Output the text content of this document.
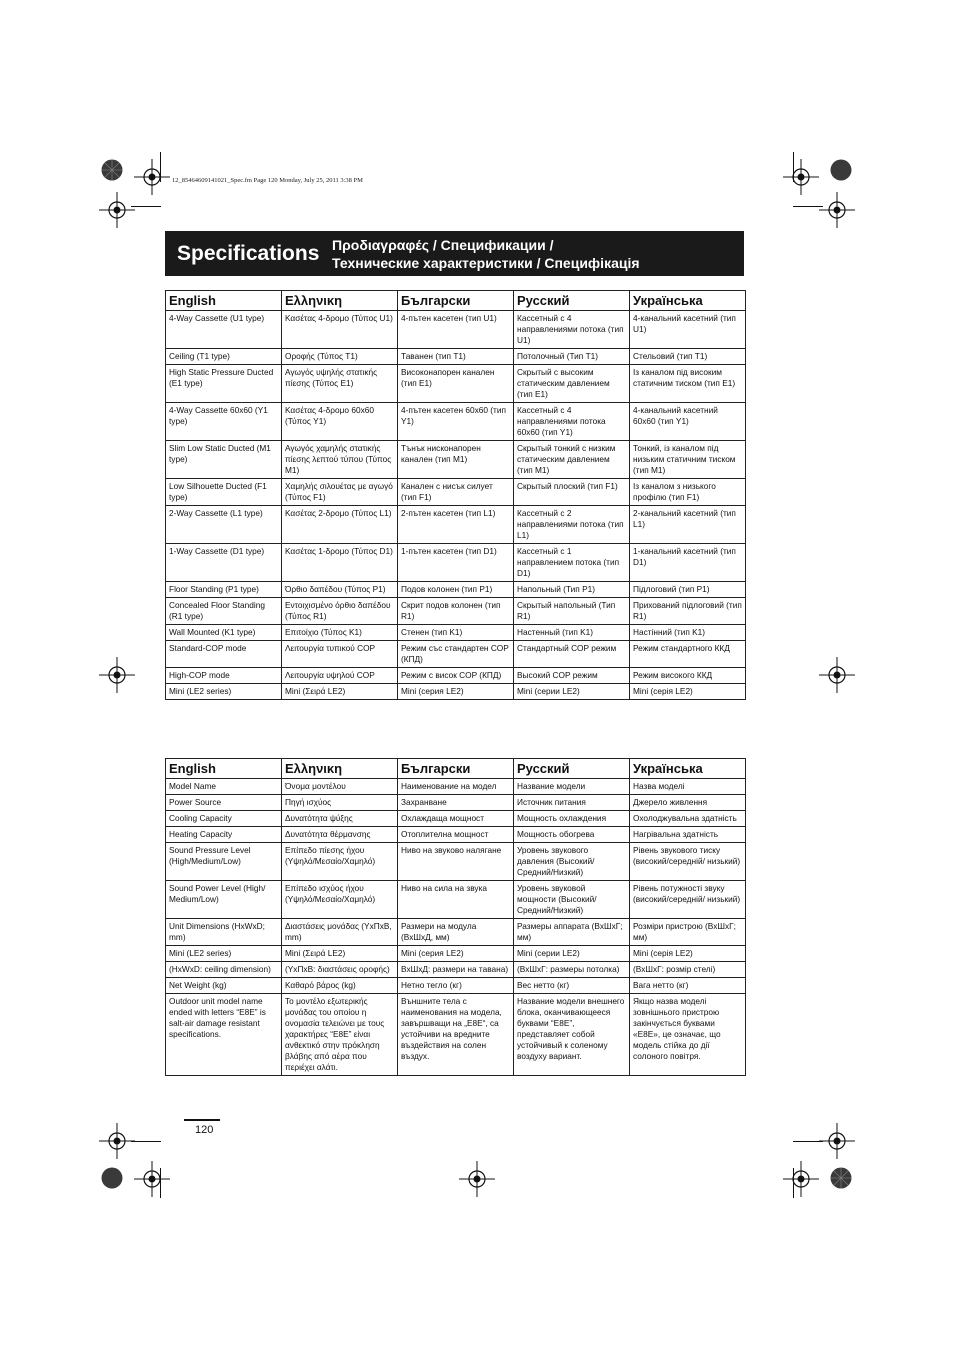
12_85464609141021_Spec.fm Page 120 Monday, July 25, 2011 3:38 PM
Specifications Προδιαγραφές / Спецификации /
Технические характеристики / Специфікація
English	Ελληνικη	Български	Русский	Українська
4-Way Cassette (U1 type)	Κασέτας 4-δρομο (Τύπος U1)	4-пътен касетен (тип U1)	Кассетный с 4 направлениями потока (тип U1)	4-канальний касетний (тип U1)
Ceiling (T1 type)	Οροφής (Τύπος T1)	Таванен (тип T1)	Потолочный (Тип T1)	Стельовий (тип T1)
High Static Pressure Ducted (E1 type)	Αγωγός υψηλής στατικής πίεσης (Τύπος E1)	Високонапорен канален (тип E1)	Скрытый с высоким статическим давлением (тип E1)	Із каналом під високим статичним тиском (тип E1)
4-Way Cassette 60x60 (Y1 type)	Κασέτας 4-δρομο 60x60 (Τύπος Y1)	4-пътен касетен 60x60 (тип Y1)	Кассетный с 4 направлениями потока 60x60 (тип Y1)	4-канальний касетний 60x60 (тип Y1)
Slim Low Static Ducted (M1 type)	Αγωγός χαμηλής στατικής πίεσης λεπτού τύπου (Τύπος M1)	Тънък нисконапорен канален (тип M1)	Скрытый тонкий с низким статическим давлением (тип M1)	Тонкий, із каналом під низьким статичним тиском (тип M1)
Low Silhouette Ducted (F1 type)	Χαμηλής σιλουέτας με αγωγό (Τύπος F1)	Канален с нисък силует (тип F1)	Скрытый плоский (тип F1)	Із каналом з низького профілю (тип F1)
2-Way Cassette (L1 type)	Κασέτας 2-δρομο (Τύπος L1)	2-пътен касетен (тип L1)	Кассетный с 2 направлениями потока (тип L1)	2-канальний касетний (тип L1)
1-Way Cassette (D1 type)	Κασέτας 1-δρομο (Τύπος D1)	1-пътен касетен (тип D1)	Кассетный с 1 направлением потока (тип D1)	1-канальний касетний (тип D1)
Floor Standing (P1 type)	Όρθιο δαπέδου (Τύπος P1)	Подов колонен (тип P1)	Напольный (Тип P1)	Підлоговий (тип P1)
Concealed Floor Standing (R1 type)	Εντοιχισμένο όρθιο δαπέδου (Τύπος R1)	Скрит подов колонен (тип R1)	Скрытый напольный (Тип R1)	Прихований підлоговий (тип R1)
Wall Mounted (K1 type)	Επιτοίχιο (Τύπος K1)	Стенен (тип K1)	Настенный (тип K1)	Настінний (тип K1)
Standard-COP mode	Λειτουργία τυπικού COP	Режим със стандартен COP (КПД)	Стандартный COP режим	Режим стандартного ККД
High-COP mode	Λειτουργία υψηλού COP	Режим с висок COP (КПД)	Высокий COP режим	Режим високого ККД
Mini (LE2 series)	Mini (Σειρά LE2)	Mini (серия LE2)	Mini (серии LE2)	Mini (серія LE2)
English	Ελληνικη	Български	Русский	Українська
Model Name	Όνομα μοντέλου	Наименование на модел	Название модели	Назва моделі
Power Source	Πηγή ισχύος	Захранване	Источник питания	Джерело живлення
Cooling Capacity	Δυνατότητα ψύξης	Охлаждаща мощност	Мощность охлаждения	Охолоджувальна здатність
Heating Capacity	Δυνατότητα θέρμανσης	Отоплителна мощност	Мощность обогрева	Нагрівальна здатність
Sound Pressure Level (High/Medium/Low)	Επίπεδο πίεσης ήχου (Υψηλό/Μεσαίο/Χαμηλό)	Ниво на звуково налягане	Уровень звукового давления (Высокий/ Средний/Низкий)	Рівень звукового тиску (високий/середній/ низький)
Sound Power Level (High/ Medium/Low)	Επίπεδο ισχύος ήχου (Υψηλό/Μεσαίο/Χαμηλό)	Ниво на сила на звука	Уровень звуковой мощности (Высокий/ Средний/Низкий)	Рівень потужності звуку (високий/середній/ низький)
Unit Dimensions (HxWxD; mm)	Διαστάσεις μονάδας (ΥxΠxΒ, mm)	Размери на модула (ВхШхД, мм)	Размеры аппарата (ВхШхГ; мм)	Розміри пристрою (ВхШхГ; мм)
Mini (LE2 series)	Mini (Σειρά LE2)	Mini (серия LE2)	Mini (серии LE2)	Mini (серія LE2)
(HxWxD: ceiling dimension)	(ΥxΠxΒ: διαστάσεις οροφής)	ВхШхД: размери на тавана)	(ВхШхГ: размеры потолка)	(ВхШхГ: розмір стелі)
Net Weight (kg)	Καθαρό βάρος (kg)	Нетно тегло (кг)	Вес нетто (кг)	Вага нетто (кг)
Outdoor unit model name ended with letters “E8E” is salt-air damage resistant specifications.	Το μοντέλο εξωτερικής μονάδας του οποίου η ονομασία τελειώνει με τους χαρακτήρες “E8E” είναι ανθεκτικό στην πρόκληση βλάβης από αέρα που περιέχει αλάτι.	Външните тела с наименования на модела, завършващи на „E8E“, са устойчиви на вредните въздействия на солен въздух.	Название модели внешнего блока, оканчивающееся буквами “E8E”, представляет собой устойчивый к соленому воздуху вариант.	Якщо назва моделі зовнішнього пристрою закінчується буквами «E8E», це означає, що модель стійка до дії солоного повітря.
120
